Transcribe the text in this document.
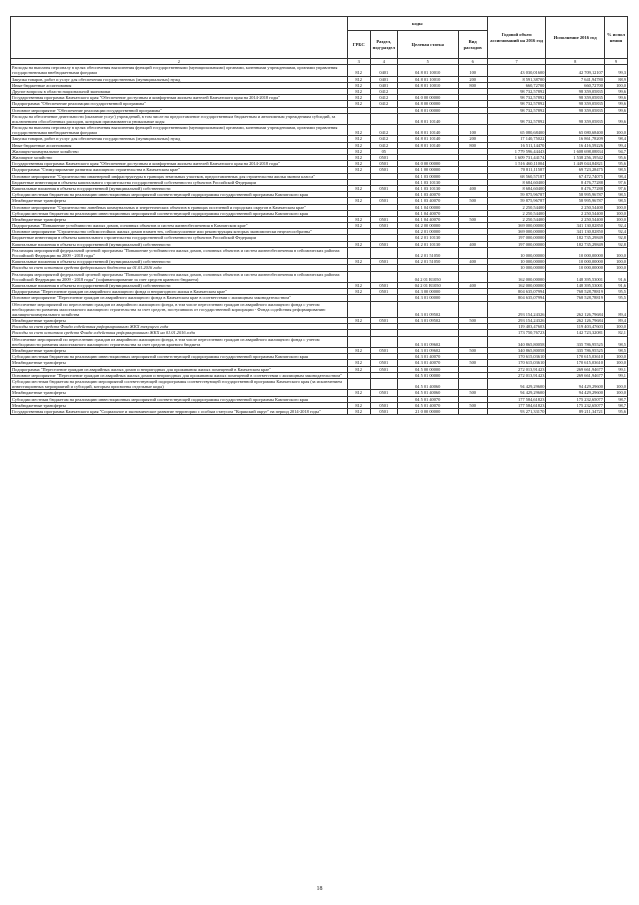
	коды				Годовой объем ассигнований на 2016 год	Исполнение 2016 год	% испол нения
	ГРБС	Раздел, под-раздел	Целевая статья	Вид расходов			
2	3	4	5	6	7	8	9
Расходы на выплаты персоналу в целях обеспечения выполнения функций государственными (муниципальными) органами, казенными учреждениями, органами управления государственными внебюджетными фондами	812	0401	04 8 01 10010	100	43 030,01600	42 709,12107	99,3
Закупка товаров, работ и услуг для обеспечения государственных (муниципальных) нужд	812	0401	04 8 01 10010	200	8 591,38700	7 641,94780	88,9
Иные бюджетные ассигнования	812	0401	04 8 01 10010	800	660,72700	660,72700	100,0
Другие вопросы в области национальной экономики	812	0412			98 732,57892	98 359,05835	99,6
Государственная программа Камчатского края "Обеспечение доступным и комфортным жильем жителей Камчатского края на 2014-2018 годы"	812	0412	04 0 00 00000		98 732,57892	98 359,05835	99,6
Подпрограмма "Обеспечение реализации государственной программы"	812	0412	04 8 00 00000		98 732,57892	98 359,05835	99,6
Основное мероприятие "Обеспечение реализации государственной программы"			04 8 01 00000		98 732,57892	98 359,05835	99,6
Расходы на обеспечение деятельности (оказание услуг) учреждений, в том числе на предоставление государственным бюджетным и автономным учреждениям субсидий, за исключением обособленных расходов, которым присваиваются уникальные коды			04 8 01 10140		98 732,57892	98 359,05835	99,6
Расходы на выплаты персоналу в целях обеспечения выполнения функций государственными (муниципальными) органами, казенными учреждениями, органами управления государственными внебюджетными фондами	812	0412	04 8 01 10140	100	65 080,68400	65 080,68400	100,0
Закупка товаров, работ и услуг для обеспечения государственных (муниципальных) нужд	812	0412	04 8 01 10140	200	17 140,75022	16 861,78209	98,4
Иные бюджетные ассигнования	812	0412	04 8 01 10140	800	16 511,14470	16 416,59226	99,4
Жилищно-коммунальное хозяйство	812	05			1 779 596,44443	1 608 698,08834	94,7
Жилищное хозяйство	812	0501			1 609 731,44174	1 538 256,19542	95,6
Государственная программа Камчатского края "Обеспечение доступным и комфортным жильем жителей Камчатского края на 2014-2018 годы"	812	0501	04 0 00 00000		1 516 460,11004	1 449 044,84821	95,6
Подпрограмма "Стимулирование развития жилищного строительства в Камчатском крае"	812	0501	04 1 00 00000		70 811,11587	69 723,28475	98,5
Основное мероприятие "Строительство инженерной инфраструктуры в границах земельных участков, предоставленных для строительства жилья эконом класса"			04 1 03 00000		68 560,57187	67 472,74075	98,4
Бюджетные инвестиции в объекты капитального строительства государственной собственности субъектов Российской Федерации			04 1 03 10130		8 684,60400	8 476,77288	97,6
Капитальные вложения в объекты государственной (муниципальной) собственности	812	0501	04 1 03 10130	400	8 684,60400	8 476,77288	97,6
Субсидии местным бюджетам на реализацию инвестиционных мероприятий соответствующей подпрограммы государственной программы Камчатского края			04 1 03 40070		59 875,96787	58 995,96787	98,5
Межбюджетные трансферты	812	0501	04 1 03 40070	500	59 875,96787	58 995,96787	98,5
Основное мероприятие "Строительство линейных коммунальных и энергетических объектов в границах поселений и городских округов в Камчатском крае"			04 1 04 00000		2 250,54400	2 250,54400	100,0
Субсидии местным бюджетам на реализацию инвестиционных мероприятий соответствующей подпрограммы государственной программы Камчатского края			04 1 04 40070		2 250,54400	2 250,54400	100,0
Межбюджетные трансферты	812	0501	04 1 04 40070	500	2 250,54400	2 250,54400	100,0
Подпрограмма "Повышение устойчивости жилых домов, основных объектов и систем жизнеобеспечения в Камчатском крае"	812	0501	04 2 00 00000		369 000,00000	341 130,82850	92,4
Основное мероприятие "Строительство сейсмостойких жилых домов взамен тех, сейсмоусиление или реконструкция которых экономически нецелесообразны"			04 2 01 00000		369 000,00000	341 130,82850	92,4
Бюджетные инвестиции в объекты капитального строительства государственной собственности субъектов Российской Федерации			04 2 01 10130		197 000,00000	182 735,29849	92,8
Капитальные вложения в объекты государственной (муниципальной) собственности	812	0501	04 2 01 10130	400	197 000,00000	182 735,29849	92,8
Реализация мероприятий федеральной целевой программы "Повышение устойчивости жилых домов, основных объектов и систем жизнеобеспечения в сейсмических районах Российской Федерации на 2009 - 2018 годы"			04 2 01 51050		10 000,00000	10 000,00000	100,0
Капитальные вложения в объекты государственной (муниципальной) собственности	812	0501	04 2 01 51050	400	10 000,00000	10 000,00000	100,0
Расходы за счет остатков средств федерального бюджета на 01.01.2016 года					10 000,00000	10 000,00000	100,0
Реализация мероприятий федеральной целевой программы "Повышение устойчивости жилых домов, основных объектов и систем жизнеобеспечения в сейсмических районах Российской Федерации на 2009 - 2018 годы" (софинансирование за счет средств краевого бюджета)			04 2 01 R1050		162 000,00000	148 395,53001	91,6
Капитальные вложения в объекты государственной (муниципальной) собственности	812	0501	04 2 01 R1050	400	162 000,00000	148 395,53001	91,6
Подпрограмма "Переселение граждан из аварийного жилищного фонда и непригодного жилья в Камчатском крае"	812	0501	04 3 00 00000		804 635,07994	768 528,78819	95,5
Основное мероприятие "Переселение граждан из аварийного жилищного фонда в Камчатском крае в соответствии с жилищным законодательством"			04 3 01 00000		804 635,07994	768 528,78819	95,5
Обеспечение мероприятий по переселению граждан из аварийного жилищного фонда, в том числе переселению граждан из аварийного жилищного фонда с учетом необходимости развития малоэтажного жилищного строительства за счет средств, поступивших от государственной корпорации - Фонда содействия реформированию жилищно-коммунального хозяйства			04 3 01 09502		293 154,24326	262 126,79684	89,4
Межбюджетные трансферты	812	0501	04 3 01 09502	500	293 154,24326	262 126,79684	89,4
Расходы за счет средств Фонда содействия реформированию ЖКХ текущего года					119 403,47603	119 403,47603	100,0
Расходы за счет остатков средств Фонда содействия реформированию ЖКХ на 01.01.2016 года					173 750,76723	142 723,32081	82,1
Обеспечение мероприятий по переселению граждан из аварийного жилищного фонда, в том числе переселению граждан из аварийного жилищного фонда с учетом необходимости развития малоэтажного жилищного строительства за счет средств краевого бюджета			04 3 01 09602		340 865,80058	335 786,95525	98,5
Межбюджетные трансферты	812	0501	04 3 01 09602	500	340 865,80058	335 786,95525	98,5
Субсидии местным бюджетам на реализацию инвестиционных мероприятий соответствующей подпрограммы государственной программы Камчатского края			04 3 01 40070		170 615,03610	170 615,03610	100,0
Межбюджетные трансферты	812	0501	04 3 01 40070	500	170 615,03610	170 615,03610	100,0
Подпрограмма "Переселение граждан из аварийных жилых домов и непригодных для проживания жилых помещений в Камчатском крае"	812	0501	04 5 00 00000		272 013,91423	269 661,94677	99,1
Основное мероприятие "Переселение граждан из аварийных жилых домов и непригодных для проживания жилых помещений в соответствии с жилищным законодательством"			04 5 01 00000		272 013,91423	269 661,94677	99,1
Субсидии местным бюджетам на реализацию мероприятий соответствующей подпрограммы соответствующей государственной программы Камчатского края (за исключением инвестиционных мероприятий и субсидий, которым присвоены отдельные коды)			04 5 01 40060		94 429,29600	94 429,29600	100,0
Межбюджетные трансферты	812	0501	04 5 01 40060	500	94 429,29600	94 429,29600	100,0
Субсидии местным бюджетам на реализацию инвестиционных мероприятий соответствующей подпрограммы государственной программы Камчатского края			04 5 01 40070		177 584,61823	175 232,65077	98,7
Межбюджетные трансферты	812	0501	04 5 01 40070	500	177 584,61823	175 232,65077	98,7
Государственная программа Камчатского края "Социальное и экономическое развитие территории с особым статусом "Корякский округ" на период 2014-2018 годы"	812	0501	21 0 00 00000		93 271,33170	89 211,34721	95,6
18
